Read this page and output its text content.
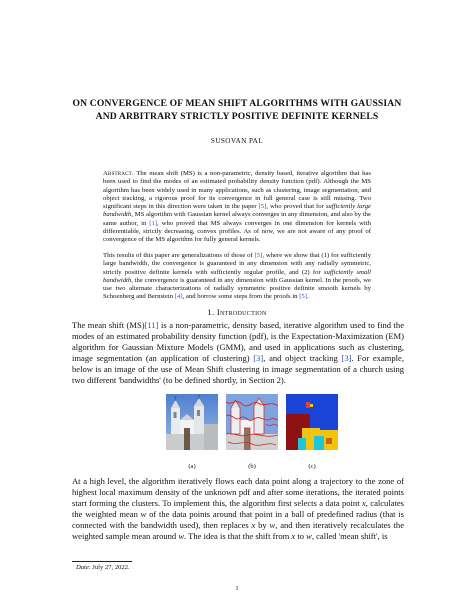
ON CONVERGENCE OF MEAN SHIFT ALGORITHMS WITH GAUSSIAN
AND ARBITRARY STRICTLY POSITIVE DEFINITE KERNELS
SUSOVAN PAL
Abstract. The mean shift (MS) is a non-parametric, density based, iterative algorithm that has been used to find the modes of an estimated probability density function (pdf). Although the MS algorithm has been widely used in many applications, such as clustering, image segmentation, and object tracking, a rigorous proof for its convergence in full general case is still missing. Two significant steps in this direction were taken in the paper [5], who proved that for sufficiently large bandwidth, MS algorithm with Gaussian kernel always converges in any dimension, and also by the same author, in [1], who proved that MS always converges in one dimension for kernels with differentiable, strictly decreasing, convex profiles. As of now, we are not aware of any proof of convergence of the MS algorithm for fully general kernels.
This results of this paper are generalizations of those of [5], where we show that (1) for sufficiently large bandwidth, the convergence is guaranteed in any dimension with any radially symmetric, strictly positive definite kernels with sufficiently regular profile, and (2) for sufficiently small bandwidth, the convergence is guaranteed in any dimension with Gaussian kernel. In the proofs, we use two alternate characterizations of radially symmetric positive definite smooth kernels by Schoenberg and Bernstein [4], and borrow some steps from the proofs in [5].
1. Introduction
The mean shift (MS)[11] is a non-parametric, density based, iterative algorithm used to find the modes of an estimated probability density function (pdf), is the Expectation-Maximization (EM) algorithm for Gaussian Mixture Models (GMM), and used in applications such as clustering, image segmentation (an application of clustering) [3], and object tracking [3]. For example, below is an image of the use of Mean Shift clustering in image segmentation of a church using two different 'bandwidths' (to be defined shortly, in Section 2).
(a)	(b)	(c)
At a high level, the algorithm iteratively flows each data point along a trajectory to the zone of highest local maximum density of the unknown pdf and after some iterations, the iterated points start forming the clusters. To implement this, the algorithm first selects a data point x, calculates the weighted mean w of the data points around that point in a ball of predefined radius (that is connected with the bandwidth used), then replaces x by w, and then iteratively recalculates the weighted sample mean around w. The idea is that the shift from x to w, called 'mean shift', is
Date: July 27, 2022.
1
